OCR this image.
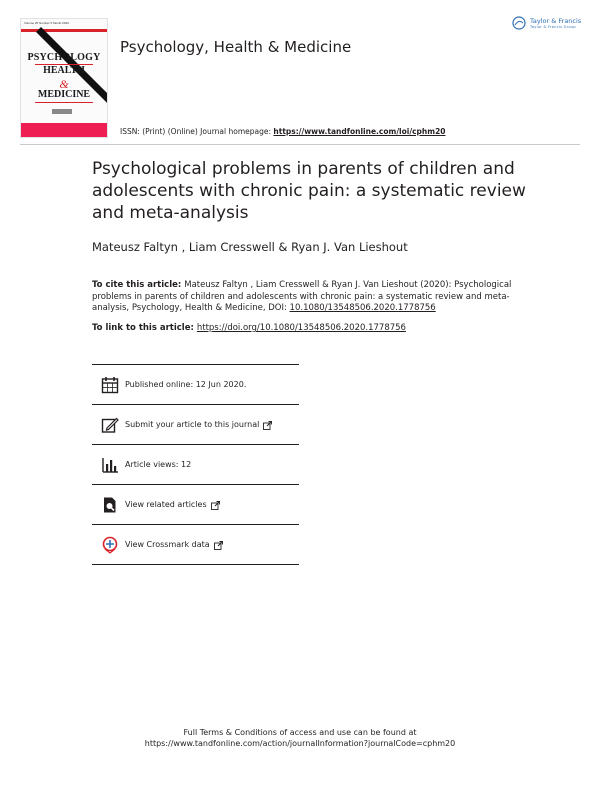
Volume 25 Number 5 Month 2020
PSYCHOLOGY
HEALTH
&
MEDICINE
Psychology, Health & Medicine
ISSN: (Print) (Online) Journal homepage: https://www.tandfonline.com/loi/cphm20
Taylor & Francis
Taylor & Francis Group
Psychological problems in parents of children and adolescents with chronic pain: a systematic review and meta-analysis
Mateusz Faltyn , Liam Cresswell & Ryan J. Van Lieshout
To cite this article: Mateusz Faltyn , Liam Cresswell & Ryan J. Van Lieshout (2020): Psychological problems in parents of children and adolescents with chronic pain: a systematic review and meta-analysis, Psychology, Health & Medicine, DOI: 10.1080/13548506.2020.1778756
To link to this article: https://doi.org/10.1080/13548506.2020.1778756
Published online: 12 Jun 2020.
Submit your article to this journal
Article views: 12
View related articles
View Crossmark data
Full Terms & Conditions of access and use can be found at
https://www.tandfonline.com/action/journalInformation?journalCode=cphm20
